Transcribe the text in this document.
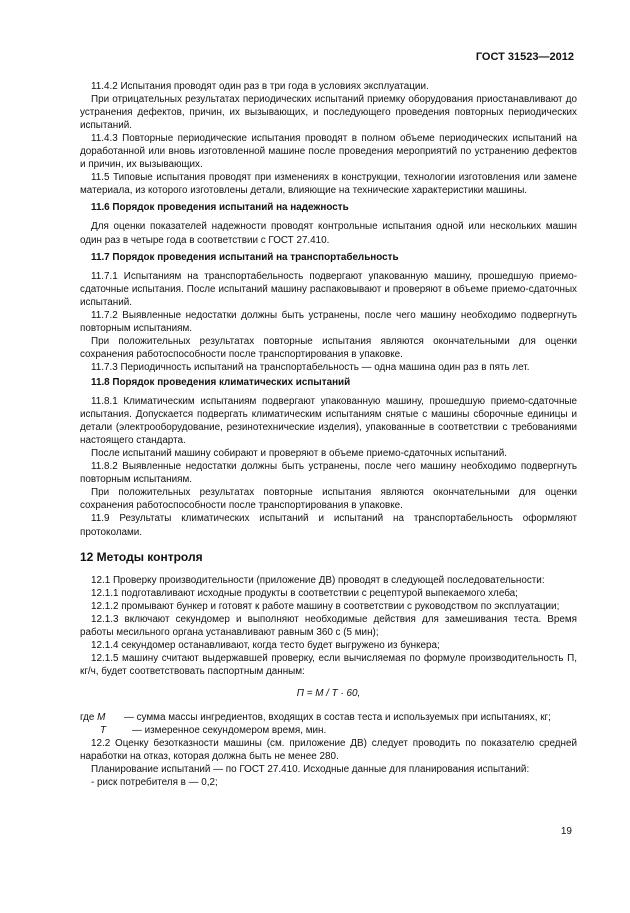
ГОСТ 31523—2012

11.4.2 Испытания проводят один раз в три года в условиях эксплуатации.

При отрицательных результатах периодических испытаний приемку оборудования приостанавливают до устранения дефектов, причин, их вызывающих, и последующего проведения повторных периодических испытаний.

11.4.3 Повторные периодические испытания проводят в полном объеме периодических испытаний на доработанной или вновь изготовленной машине после проведения мероприятий по устранению дефектов и причин, их вызывающих.

11.5 Типовые испытания проводят при изменениях в конструкции, технологии изготовления или замене материала, из которого изготовлены детали, влияющие на технические характеристики машины.

11.6 Порядок проведения испытаний на надежность

Для оценки показателей надежности проводят контрольные испытания одной или нескольких машин один раз в четыре года в соответствии с ГОСТ 27.410.

11.7 Порядок проведения испытаний на транспортабельность

11.7.1 Испытаниям на транспортабельность подвергают упакованную машину, прошедшую приемо-сдаточные испытания. После испытаний машину распаковывают и проверяют в объеме приемо-сдаточных испытаний.

11.7.2 Выявленные недостатки должны быть устранены, после чего машину необходимо подвергнуть повторным испытаниям.

При положительных результатах повторные испытания являются окончательными для оценки сохранения работоспособности после транспортирования в упаковке.

11.7.3 Периодичность испытаний на транспортабельность — одна машина один раз в пять лет.

11.8 Порядок проведения климатических испытаний

11.8.1 Климатическим испытаниям подвергают упакованную машину, прошедшую приемо-сдаточные испытания. Допускается подвергать климатическим испытаниям снятые с машины сборочные единицы и детали (электрооборудование, резинотехнические изделия), упакованные в соответствии с требованиями настоящего стандарта.

После испытаний машину собирают и проверяют в объеме приемо-сдаточных испытаний.

11.8.2 Выявленные недостатки должны быть устранены, после чего машину необходимо подвергнуть повторным испытаниям.

При положительных результатах повторные испытания являются окончательными для оценки сохранения работоспособности после транспортирования в упаковке.

11.9 Результаты климатических испытаний и испытаний на транспортабельность оформляют протоколами.

12 Методы контроля

12.1 Проверку производительности (приложение ДВ) проводят в следующей последовательности:

12.1.1 подготавливают исходные продукты в соответствии с рецептурой выпекаемого хлеба;

12.1.2 промывают бункер и готовят к работе машину в соответствии с руководством по эксплуатации;

12.1.3 включают секундомер и выполняют необходимые действия для замешивания теста. Время работы месильного органа устанавливают равным 360 с (5 мин);

12.1.4 секундомер останавливают, когда тесто будет выгружено из бункера;

12.1.5 машину считают выдержавшей проверку, если вычисляемая по формуле производительность П, кг/ч, будет соответствовать паспортным данным:

П = М / Т · 60,

где М	— сумма массы ингредиентов, входящих в состав теста и используемых при испытаниях, кг;
Т	— измеренное секундомером время, мин.

12.2 Оценку безотказности машины (см. приложение ДВ) следует проводить по показателю средней наработки на отказ, которая должна быть не менее 280.

Планирование испытаний — по ГОСТ 27.410. Исходные данные для планирования испытаний:

- риск потребителя в — 0,2;

19
